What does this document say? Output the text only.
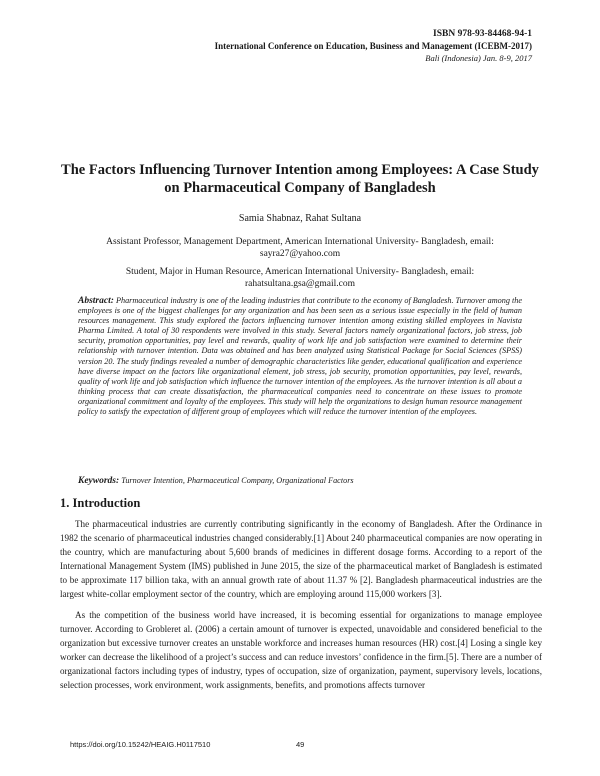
ISBN 978-93-84468-94-1
International Conference on Education, Business and Management (ICEBM-2017)
Bali (Indonesia) Jan. 8-9, 2017
The Factors Influencing Turnover Intention among Employees: A Case Study on Pharmaceutical Company of Bangladesh
Samia Shabnaz, Rahat Sultana
Assistant Professor, Management Department, American International University- Bangladesh, email:
sayra27@yahoo.com
Student, Major in Human Resource, American International University- Bangladesh, email:
rahatsultana.gsa@gmail.com

Abstract: Pharmaceutical industry is one of the leading industries that contribute to the economy of Bangladesh. Turnover among the employees is one of the biggest challenges for any organization and has been seen as a serious issue especially in the field of human resources management. This study explored the factors influencing turnover intention among existing skilled employees in Navista Pharma Limited. A total of 30 respondents were involved in this study. Several factors namely organizational factors, job stress, job security, promotion opportunities, pay level and rewards, quality of work life and job satisfaction were examined to determine their relationship with turnover intention. Data was obtained and has been analyzed using Statistical Package for Social Sciences (SPSS) version 20. The study findings revealed a number of demographic characteristics like gender, educational qualification and experience have diverse impact on the factors like organizational element, job stress, job security, promotion opportunities, pay level, rewards, quality of work life and job satisfaction which influence the turnover intention of the employees. As the turnover intention is all about a thinking process that can create dissatisfaction, the pharmaceutical companies need to concentrate on these issues to promote organizational commitment and loyalty of the employees. This study will help the organizations to design human resource management policy to satisfy the expectation of different group of employees which will reduce the turnover intention of the employees.

Keywords: Turnover Intention, Pharmaceutical Company, Organizational Factors
1. Introduction

The pharmaceutical industries are currently contributing significantly in the economy of Bangladesh. After the Ordinance in 1982 the scenario of pharmaceutical industries changed considerably.[1] About 240 pharmaceutical companies are now operating in the country, which are manufacturing about 5,600 brands of medicines in different dosage forms. According to a report of the International Management System (IMS) published in June 2015, the size of the pharmaceutical market of Bangladesh is estimated to be approximate 117 billion taka, with an annual growth rate of about 11.37 % [2]. Bangladesh pharmaceutical industries are the largest white-collar employment sector of the country, which are employing around 115,000 workers [3].

As the competition of the business world have increased, it is becoming essential for organizations to manage employee turnover. According to Grobleret al. (2006) a certain amount of turnover is expected, unavoidable and considered beneficial to the organization but excessive turnover creates an unstable workforce and increases human resources (HR) cost.[4] Losing a single key worker can decrease the likelihood of a project’s success and can reduce investors’ confidence in the firm.[5]. There are a number of organizational factors including types of industry, types of occupation, size of organization, payment, supervisory levels, locations, selection processes, work environment, work assignments, benefits, and promotions affects turnover

https://doi.org/10.15242/HEAIG.H0117510	49
